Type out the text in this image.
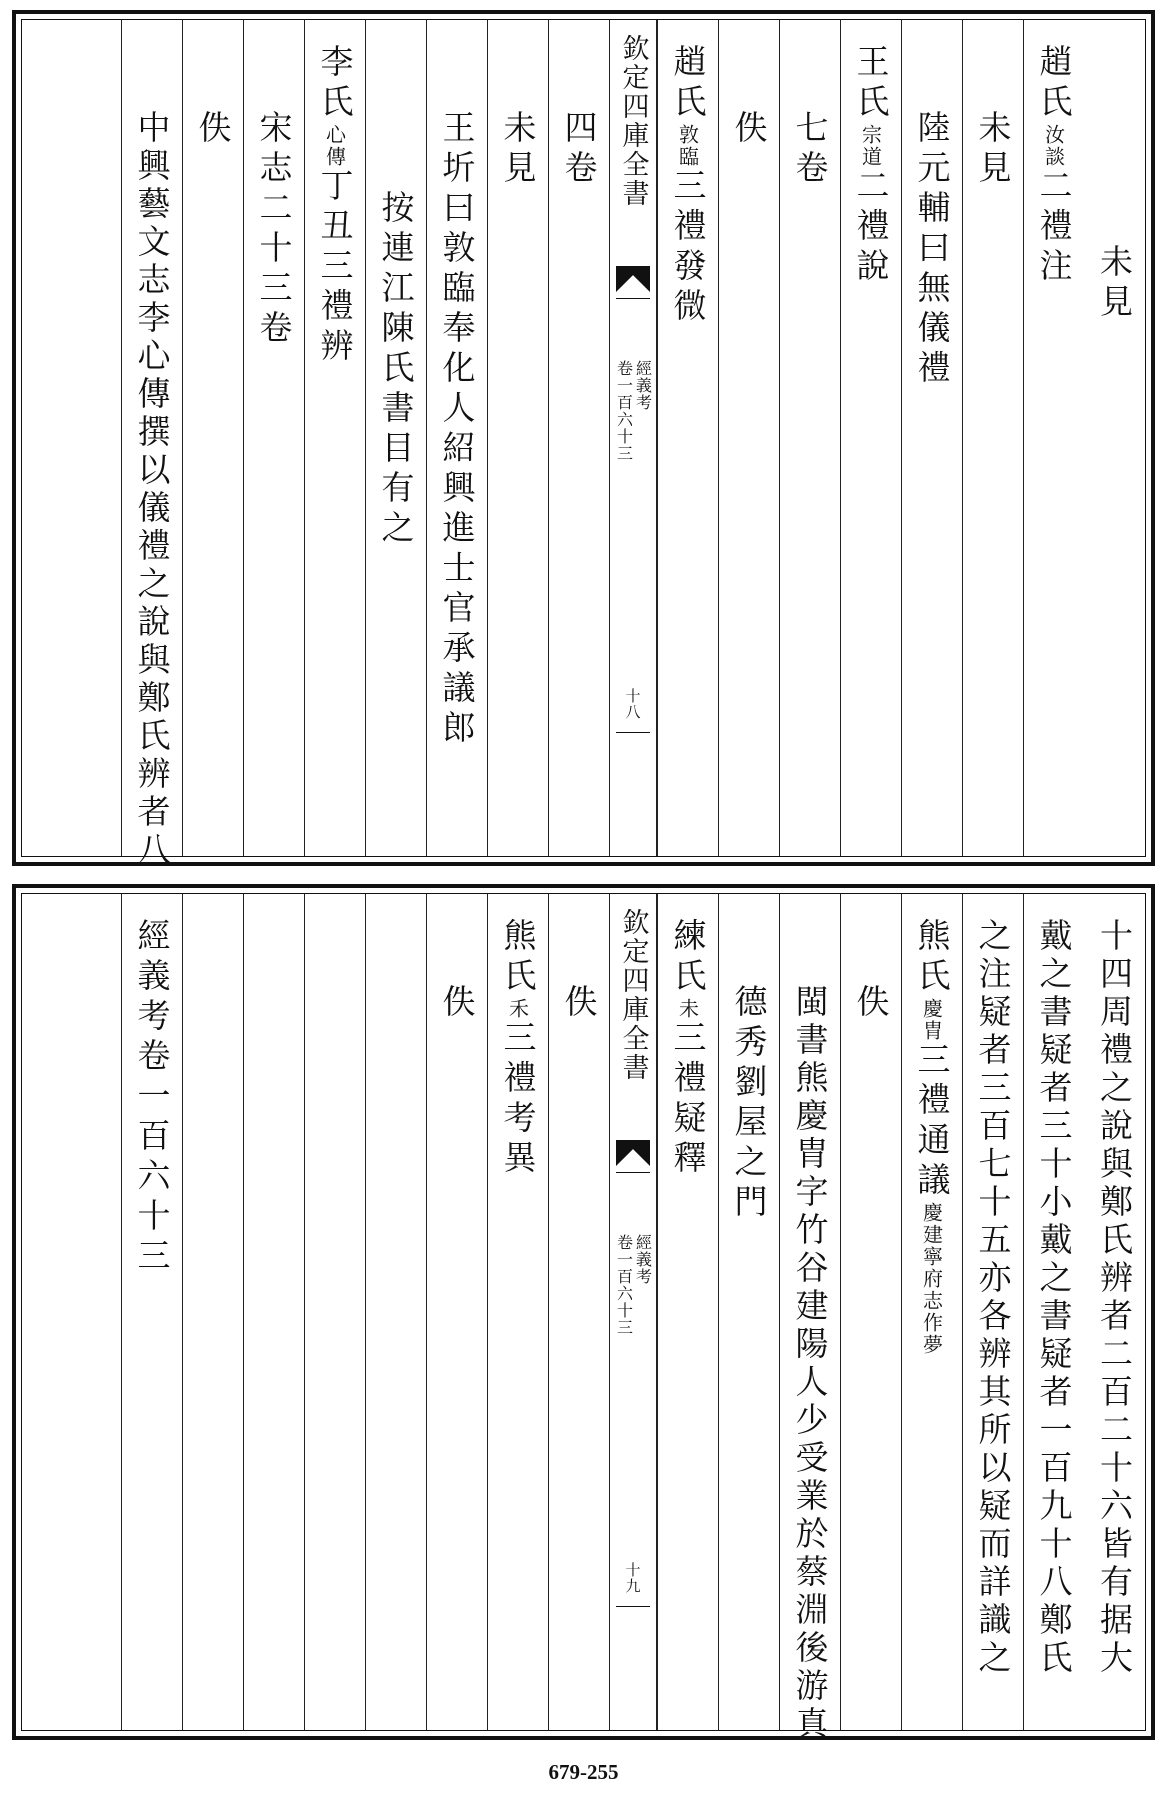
未見
趙氏汝談二禮注
未見
陸元輔曰無儀禮
王氏宗道二禮說
七卷
佚
趙氏敦臨三禮發微
欽定四庫全書
經義考
卷一百六十三
十八
四卷
未見
王圻曰敦臨奉化人紹興進士官承議郎
按連江陳氏書目有之
李氏心傳丁丑三禮辨
宋志二十三卷
佚
中興藝文志李心傳撰以儀禮之說與鄭氏辨者八
十四周禮之說與鄭氏辨者二百二十六皆有据大
戴之書疑者三十小戴之書疑者一百九十八鄭氏
之注疑者三百七十五亦各辨其所以疑而詳識之
熊氏慶胄三禮通議慶建寧府志作夢
佚
閩書熊慶胄字竹谷建陽人少受業於蔡淵後游真
德秀劉屋之門
練氏未三禮疑釋
欽定四庫全書
經義考
卷一百六十三
十九
佚
熊氏禾三禮考異
佚
經義考卷一百六十三
679-255
